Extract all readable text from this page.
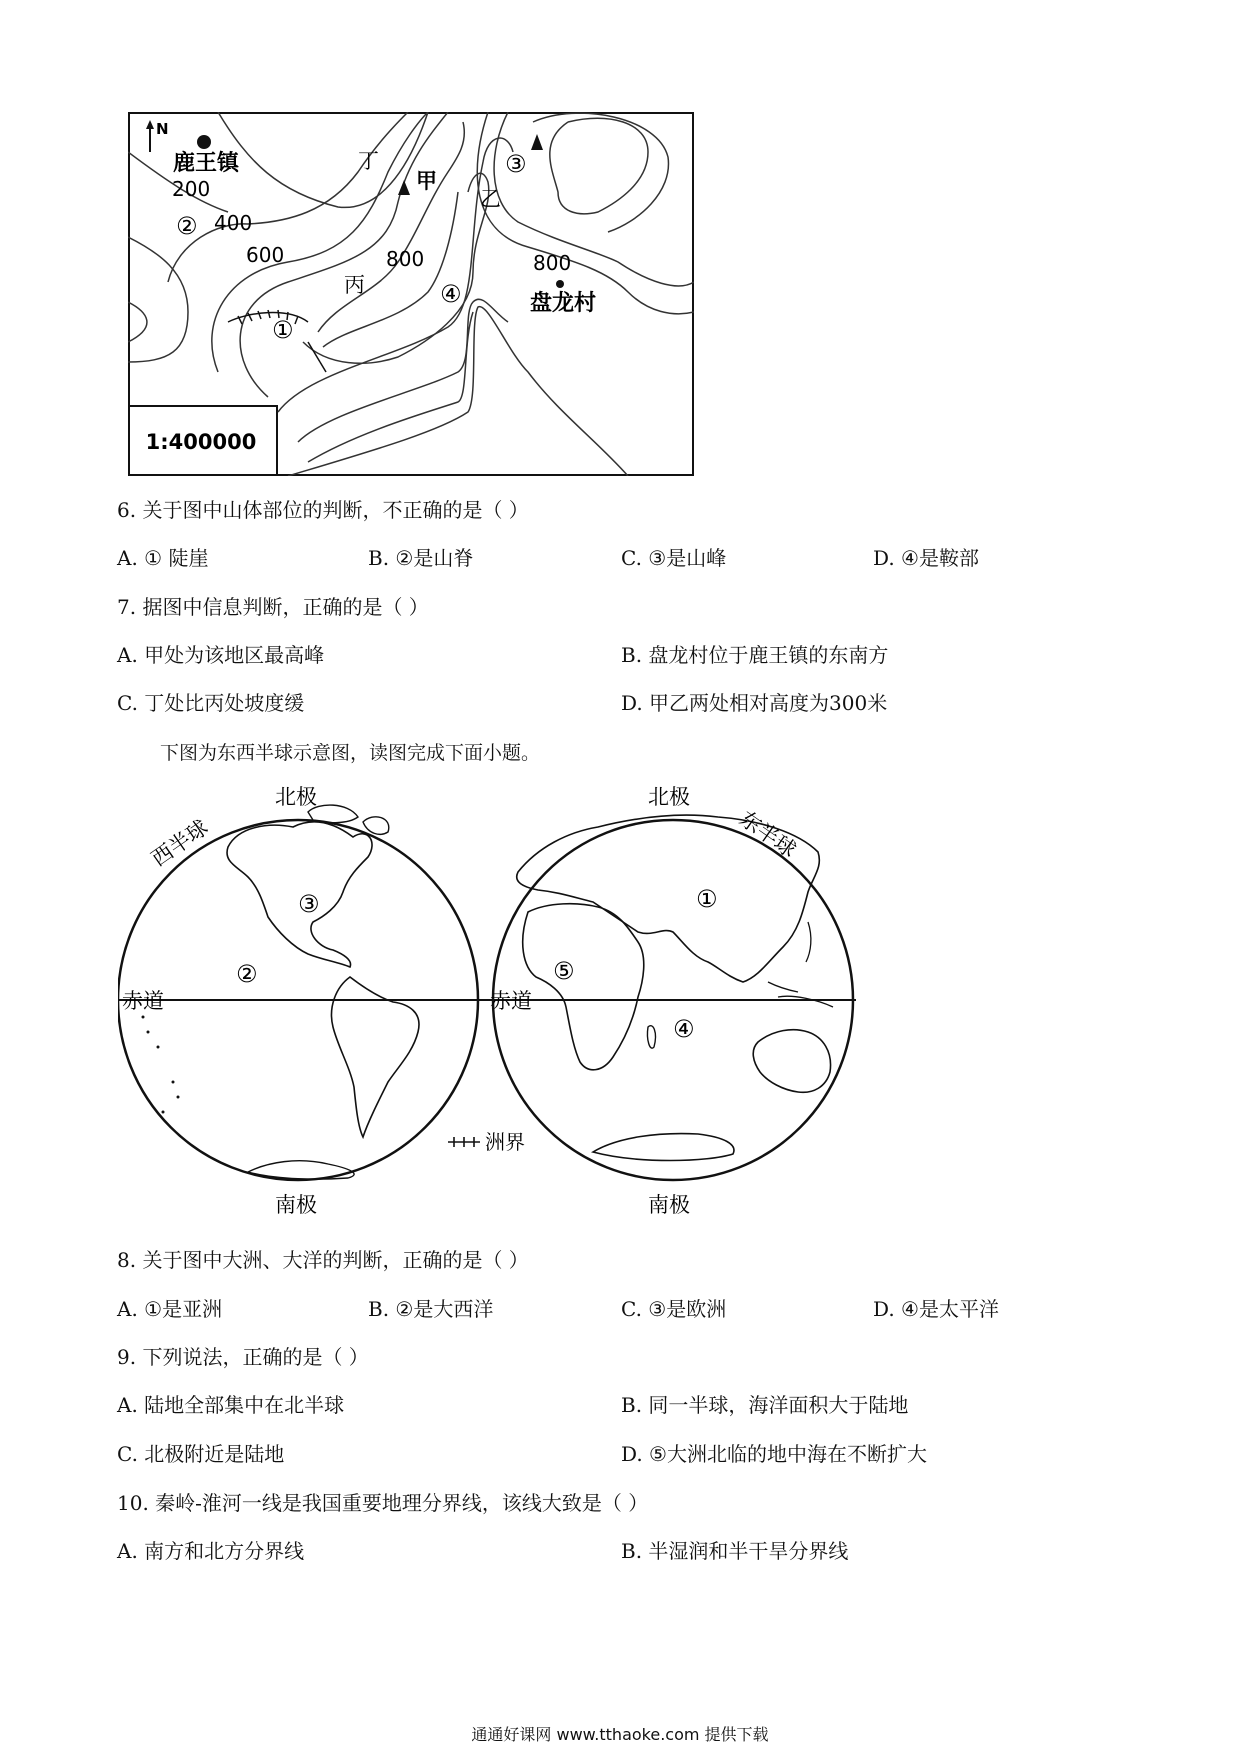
1:400000
N
鹿王镇
盘龙村
200
400
600	800	800
甲
乙
丙
丁
①
②
③
④
6. 关于图中山体部位的判断，不正确的是（ ）
A. ① 陡崖	B. ②是山脊	C. ③是山峰	D. ④是鞍部
7. 据图中信息判断，正确的是（ ）
A. 甲处为该地区最高峰	B. 盘龙村位于鹿王镇的东南方
C. 丁处比丙处坡度缓	D. 甲乙两处相对高度为300米
下图为东西半球示意图，读图完成下面小题。
北极	北极
南极	南极
赤道	赤道
西半球	东半球
①
②
③
④
⑤
洲界
8. 关于图中大洲、大洋的判断，正确的是（ ）
A. ①是亚洲	B. ②是大西洋	C. ③是欧洲	D. ④是太平洋
9. 下列说法，正确的是（ ）
A. 陆地全部集中在北半球	B. 同一半球，海洋面积大于陆地
C. 北极附近是陆地	D. ⑤大洲北临的地中海在不断扩大
10. 秦岭-淮河一线是我国重要地理分界线，该线大致是（ ）
A. 南方和北方分界线	B. 半湿润和半干旱分界线
通通好课网 www.tthaoke.com 提供下载
